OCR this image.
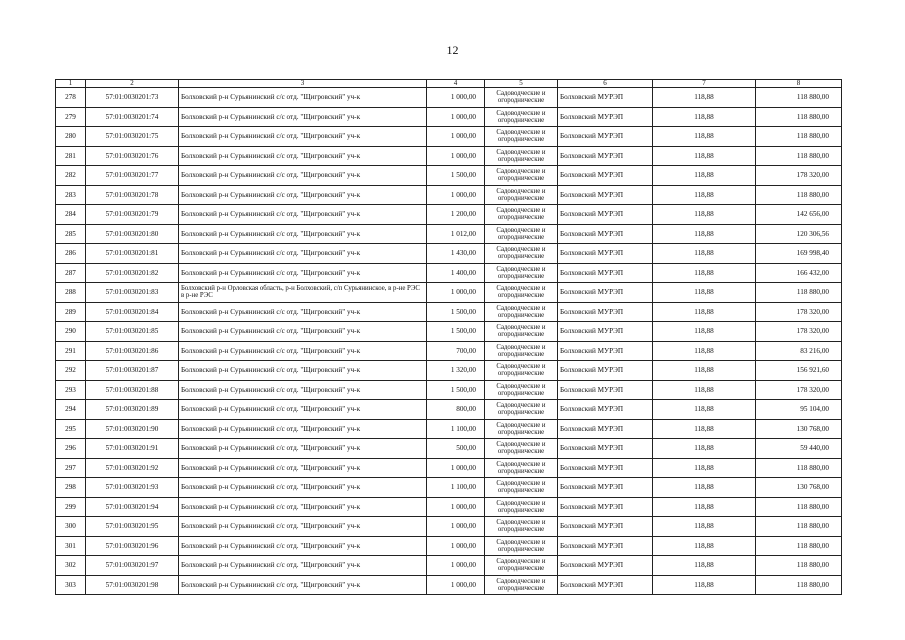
12
1	2	3	4	5	6	7	8
278	57:01:0030201:73	Болховский р-н Сурьянинский с/с отд. "Щигровский" уч-к	1 000,00	Садоводческие и огороднические	Болховский МУРЭП	118,88	118 880,00
279	57:01:0030201:74	Болховский р-н Сурьянинский с/с отд. "Щигровский" уч-к	1 000,00	Садоводческие и огороднические	Болховский МУРЭП	118,88	118 880,00
280	57:01:0030201:75	Болховский р-н Сурьянинский с/с отд. "Щигровский" уч-к	1 000,00	Садоводческие и огороднические	Болховский МУРЭП	118,88	118 880,00
281	57:01:0030201:76	Болховский р-н Сурьянинский с/с отд. "Щигровский" уч-к	1 000,00	Садоводческие и огороднические	Болховский МУРЭП	118,88	118 880,00
282	57:01:0030201:77	Болховский р-н Сурьянинский с/с отд. "Щигровский" уч-к	1 500,00	Садоводческие и огороднические	Болховский МУРЭП	118,88	178 320,00
283	57:01:0030201:78	Болховский р-н Сурьянинский с/с отд. "Щигровский" уч-к	1 000,00	Садоводческие и огороднические	Болховский МУРЭП	118,88	118 880,00
284	57:01:0030201:79	Болховский р-н Сурьянинский с/с отд. "Щигровский" уч-к	1 200,00	Садоводческие и огороднические	Болховский МУРЭП	118,88	142 656,00
285	57:01:0030201:80	Болховский р-н Сурьянинский с/с отд. "Щигровский" уч-к	1 012,00	Садоводческие и огороднические	Болховский МУРЭП	118,88	120 306,56
286	57:01:0030201:81	Болховский р-н Сурьянинский с/с отд. "Щигровский" уч-к	1 430,00	Садоводческие и огороднические	Болховский МУРЭП	118,88	169 998,40
287	57:01:0030201:82	Болховский р-н Сурьянинский с/с отд. "Щигровский" уч-к	1 400,00	Садоводческие и огороднические	Болховский МУРЭП	118,88	166 432,00
288	57:01:0030201:83	Болховский р-н Орловская область, р-н Болховский, с/п Сурьянинское, в р-не РЭС в р-не РЭС	1 000,00	Садоводческие и огороднические	Болховский МУРЭП	118,88	118 880,00
289	57:01:0030201:84	Болховский р-н Сурьянинский с/с отд. "Щигровский" уч-к	1 500,00	Садоводческие и огороднические	Болховский МУРЭП	118,88	178 320,00
290	57:01:0030201:85	Болховский р-н Сурьянинский с/с отд. "Щигровский" уч-к	1 500,00	Садоводческие и огороднические	Болховский МУРЭП	118,88	178 320,00
291	57:01:0030201:86	Болховский р-н Сурьянинский с/с отд. "Щигровский" уч-к	700,00	Садоводческие и огороднические	Болховский МУРЭП	118,88	83 216,00
292	57:01:0030201:87	Болховский р-н Сурьянинский с/с отд. "Щигровский" уч-к	1 320,00	Садоводческие и огороднические	Болховский МУРЭП	118,88	156 921,60
293	57:01:0030201:88	Болховский р-н Сурьянинский с/с отд. "Щигровский" уч-к	1 500,00	Садоводческие и огороднические	Болховский МУРЭП	118,88	178 320,00
294	57:01:0030201:89	Болховский р-н Сурьянинский с/с отд. "Щигровский" уч-к	800,00	Садоводческие и огороднические	Болховский МУРЭП	118,88	95 104,00
295	57:01:0030201:90	Болховский р-н Сурьянинский с/с отд. "Щигровский" уч-к	1 100,00	Садоводческие и огороднические	Болховский МУРЭП	118,88	130 768,00
296	57:01:0030201:91	Болховский р-н Сурьянинский с/с отд. "Щигровский" уч-к	500,00	Садоводческие и огороднические	Болховский МУРЭП	118,88	59 440,00
297	57:01:0030201:92	Болховский р-н Сурьянинский с/с отд. "Щигровский" уч-к	1 000,00	Садоводческие и огороднические	Болховский МУРЭП	118,88	118 880,00
298	57:01:0030201:93	Болховский р-н Сурьянинский с/с отд. "Щигровский" уч-к	1 100,00	Садоводческие и огороднические	Болховский МУРЭП	118,88	130 768,00
299	57:01:0030201:94	Болховский р-н Сурьянинский с/с отд. "Щигровский" уч-к	1 000,00	Садоводческие и огороднические	Болховский МУРЭП	118,88	118 880,00
300	57:01:0030201:95	Болховский р-н Сурьянинский с/с отд. "Щигровский" уч-к	1 000,00	Садоводческие и огороднические	Болховский МУРЭП	118,88	118 880,00
301	57:01:0030201:96	Болховский р-н Сурьянинский с/с отд. "Щигровский" уч-к	1 000,00	Садоводческие и огороднические	Болховский МУРЭП	118,88	118 880,00
302	57:01:0030201:97	Болховский р-н Сурьянинский с/с отд. "Щигровский" уч-к	1 000,00	Садоводческие и огороднические	Болховский МУРЭП	118,88	118 880,00
303	57:01:0030201:98	Болховский р-н Сурьянинский с/с отд. "Щигровский" уч-к	1 000,00	Садоводческие и огороднические	Болховский МУРЭП	118,88	118 880,00
